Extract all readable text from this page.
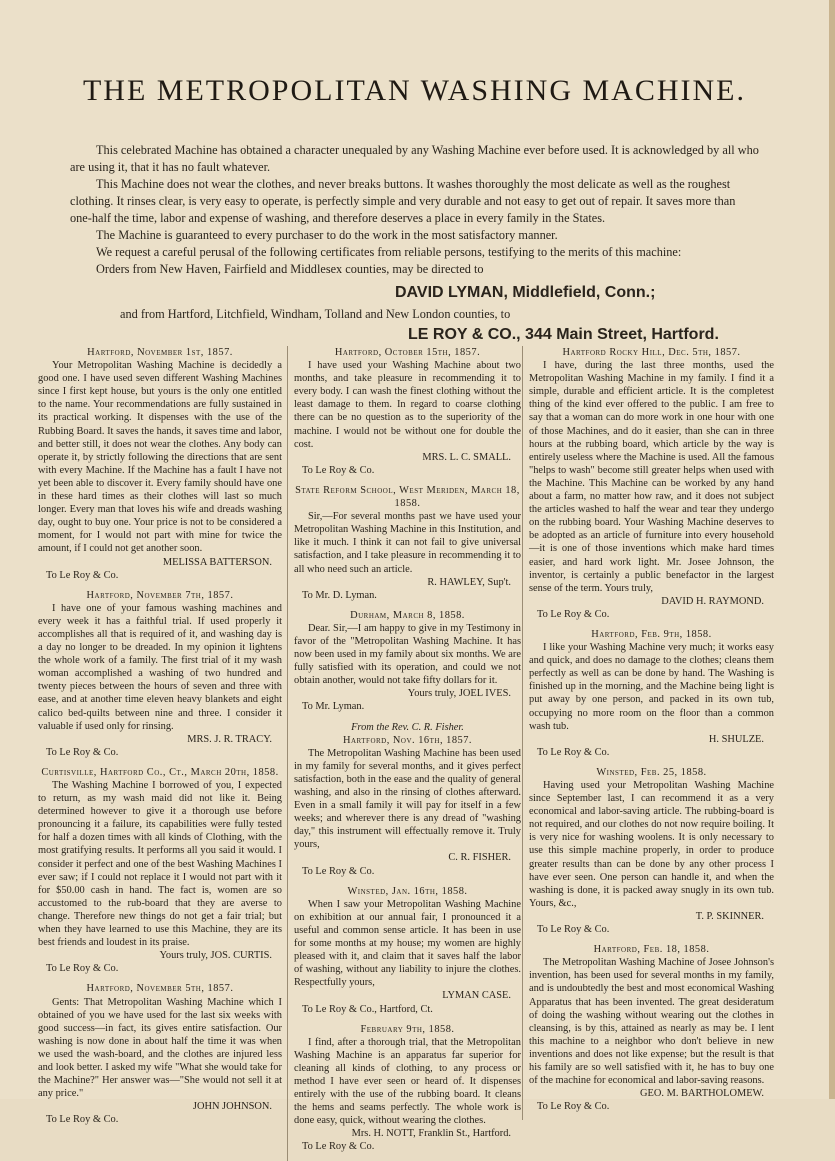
THE METROPOLITAN WASHING MACHINE.

This celebrated Machine has obtained a character unequaled by any Washing Machine ever before used. It is acknowledged by all who are using it, that it has no fault whatever.

This Machine does not wear the clothes, and never breaks buttons. It washes thoroughly the most delicate as well as the roughest clothing. It rinses clear, is very easy to operate, is perfectly simple and very durable and not easy to get out of repair. It saves more than one-half the time, labor and expense of washing, and therefore deserves a place in every family in the States.

The Machine is guaranteed to every purchaser to do the work in the most satisfactory manner.

We request a careful perusal of the following certificates from reliable persons, testifying to the merits of this machine:

Orders from New Haven, Fairfield and Middlesex counties, may be directed to

DAVID LYMAN, Middlefield, Conn.;
and from Hartford, Litchfield, Windham, Tolland and New London counties, to
LE ROY & CO., 344 Main Street, Hartford.

Hartford, November 1st, 1857.

Your Metropolitan Washing Machine is decidedly a good one. I have used seven different Washing Machines since I first kept house, but yours is the only one entitled to the name. Your recommendations are fully sustained in its practical working. It dispenses with the use of the Rubbing Board. It saves the hands, it saves time and labor, and better still, it does not wear the clothes. Any body can operate it, by strictly following the directions that are sent with every Machine. If the Machine has a fault I have not yet been able to discover it. Every family should have one in these hard times as their clothes will last so much longer. Every man that loves his wife and dreads washing day, ought to buy one. Your price is not to be considered a moment, for I would not part with mine for twice the amount, if I could not get another soon.

MELISSA BATTERSON.

To Le Roy & Co.

Hartford, November 7th, 1857.

I have one of your famous washing machines and every week it has a faithful trial. If used properly it accomplishes all that is required of it, and washing day is a day no longer to be dreaded. In my opinion it lightens the whole work of a family. The first trial of it my wash woman accomplished a washing of two hundred and twenty pieces between the hours of seven and three with ease, and at another time eleven heavy blankets and eight calico bed-quilts between nine and three. I consider it valuable if used only for rinsing.

MRS. J. R. TRACY.

To Le Roy & Co.

Curtisville, Hartford Co., Ct., March 20th, 1858.

The Washing Machine I borrowed of you, I expected to return, as my wash maid did not like it. Being determined however to give it a thorough use before pronouncing it a failure, its capabilities were fully tested for half a dozen times with all kinds of Clothing, with the most gratifying results. It performs all you said it would. I consider it perfect and one of the best Washing Machines I ever saw; if I could not replace it I would not part with it for $50.00 cash in hand. The fact is, women are so accustomed to the rub-board that they are averse to change. Therefore new things do not get a fair trial; but when they have learned to use this Machine, they are its best friends and loudest in its praise.

Yours truly, JOS. CURTIS.

To Le Roy & Co.

Hartford, November 5th, 1857.

Gents: That Metropolitan Washing Machine which I obtained of you we have used for the last six weeks with good success—in fact, its gives entire satisfaction. Our washing is now done in about half the time it was when we used the wash-board, and the clothes are injured less and look better. I asked my wife "What she would take for the Machine?" Her answer was—"She would not sell it at any price."

JOHN JOHNSON.

To Le Roy & Co.

Hartford, October 15th, 1857.

I have used your Washing Machine about two months, and take pleasure in recommending it to every body. I can wash the finest clothing without the least damage to them. In regard to coarse clothing there can be no question as to the superiority of the machine. I would not be without one for double the cost.

MRS. L. C. SMALL.

To Le Roy & Co.

State Reform School, West Meriden, March 18, 1858.

Sir,—For several months past we have used your Metropolitan Washing Machine in this Institution, and like it much. I think it can not fail to give universal satisfaction, and I take pleasure in recommending it to all who need such an article.

R. HAWLEY, Sup't.

To Mr. D. Lyman.

Durham, March 8, 1858.

Dear. Sir,—I am happy to give in my Testimony in favor of the "Metropolitan Washing Machine. It has now been used in my family about six months. We are fully satisfied with its operation, and could we not obtain another, would not take fifty dollars for it.

Yours truly, JOEL IVES.

To Mr. Lyman.

From the Rev. C. R. Fisher.

Hartford, Nov. 16th, 1857.

The Metropolitan Washing Machine has been used in my family for several months, and it gives perfect satisfaction, both in the ease and the quality of general washing, and also in the rinsing of clothes afterward. Even in a small family it will pay for itself in a few weeks; and wherever there is any dread of "washing day," this instrument will effectually remove it. Truly yours,

C. R. FISHER.

To Le Roy & Co.

Winsted, Jan. 16th, 1858.

When I saw your Metropolitan Washing Machine on exhibition at our annual fair, I pronounced it a useful and common sense article. It has been in use for some months at my house; my women are highly pleased with it, and claim that it saves half the labor of washing, without any liability to injure the clothes. Respectfully yours,

LYMAN CASE.

To Le Roy & Co., Hartford, Ct.

February 9th, 1858.

I find, after a thorough trial, that the Metropolitan Washing Machine is an apparatus far superior for cleaning all kinds of clothing, to any process or method I have ever seen or heard of. It dispenses entirely with the use of the rubbing board. It cleans the hems and seams perfectly. The whole work is done easy, quick, without wearing the clothes.

Mrs. H. NOTT, Franklin St., Hartford.

To Le Roy & Co.

Hartford Rocky Hill, Dec. 5th, 1857.

I have, during the last three months, used the Metropolitan Washing Machine in my family. I find it a simple, durable and efficient article. It is the completest thing of the kind ever offered to the public. I am free to say that a woman can do more work in one hour with one of those Machines, and do it easier, than she can in three hours at the rubbing board, which article by the way is entirely useless where the Machine is used. All the famous "helps to wash" become still greater helps when used with the Machine. This Machine can be worked by any hand about a farm, no matter how raw, and it does not subject the articles washed to half the wear and tear they undergo on the rubbing board. Your Washing Machine deserves to be adopted as an article of furniture into every household—it is one of those inventions which make hard times easier, and hard work light. Mr. Josee Johnson, the inventor, is certainly a public benefactor in the largest sense of the term. Yours truly,

DAVID H. RAYMOND.

To Le Roy & Co.

Hartford, Feb. 9th, 1858.

I like your Washing Machine very much; it works easy and quick, and does no damage to the clothes; cleans them perfectly as well as can be done by hand. The Washing is finished up in the morning, and the Machine being light is put away by one person, and packed in its own tub, occupying no more room on the floor than a common wash tub.

H. SHULZE.

To Le Roy & Co.

Winsted, Feb. 25, 1858.

Having used your Metropolitan Washing Machine since September last, I can recommend it as a very economical and labor-saving article. The rubbing-board is not required, and our clothes do not now require boiling. It is very nice for washing woolens. It is only necessary to use this simple machine properly, in order to produce greater results than can be done by any other process I have ever seen. One person can handle it, and when the washing is done, it is packed away snugly in its own tub. Yours, &c.,

T. P. SKINNER.

To Le Roy & Co.

Hartford, Feb. 18, 1858.

The Metropolitan Washing Machine of Josee Johnson's invention, has been used for several months in my family, and is undoubtedly the best and most economical Washing Apparatus that has been invented. The great desideratum of doing the washing without wearing out the clothes in cleansing, is by this, attained as nearly as may be. I lent this machine to a neighbor who don't believe in new inventions and does not like expense; but the result is that his family are so well satisfied with it, he has to buy one of the machine for economical and labor-saving reasons.

GEO. M. BARTHOLOMEW.

To Le Roy & Co.
